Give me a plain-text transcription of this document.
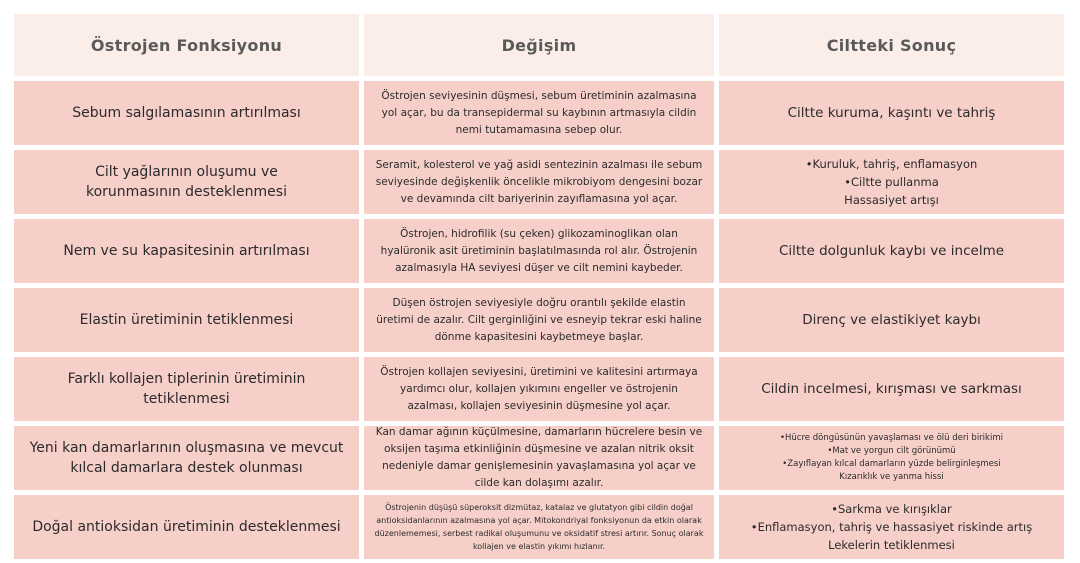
Östrojen Fonksiyonu	Değişim	Ciltteki Sonuç
Sebum salgılamasının artırılması
Östrojen seviyesinin düşmesi, sebum üretiminin azalmasına yol açar, bu da transepidermal su kaybının artmasıyla cildin nemi tutamamasına sebep olur.
Ciltte kuruma, kaşıntı ve tahriş
Cilt yağlarının oluşumu ve
korunmasının desteklenmesi
Seramit, kolesterol ve yağ asidi sentezinin azalması ile sebum seviyesinde değişkenlik öncelikle mikrobiyom dengesini bozar ve devamında cilt bariyerinin zayıflamasına yol açar.
•Kuruluk, tahriş, enflamasyon
•Ciltte pullanma
Hassasiyet artışı
Nem ve su kapasitesinin artırılması
Östrojen, hidrofilik (su çeken) glikozaminoglikan olan hyalüronik asit üretiminin başlatılmasında rol alır. Östrojenin azalmasıyla HA seviyesi düşer ve cilt nemini kaybeder.
Ciltte dolgunluk kaybı ve incelme
Elastin üretiminin tetiklenmesi
Düşen östrojen seviyesiyle doğru orantılı şekilde elastin üretimi de azalır. Cilt gerginliğini ve esneyip tekrar eski haline dönme kapasitesini kaybetmeye başlar.
Direnç ve elastikiyet kaybı
Farklı kollajen tiplerinin üretiminin tetiklenmesi
Östrojen kollajen seviyesini, üretimini ve kalitesini artırmaya yardımcı olur, kollajen yıkımını engeller ve östrojenin azalması, kollajen seviyesinin düşmesine yol açar.
Cildin incelmesi, kırışması ve sarkması
Yeni kan damarlarının oluşmasına ve mevcut
kılcal damarlara destek olunması
Kan damar ağının küçülmesine, damarların hücrelere besin ve oksijen taşıma etkinliğinin düşmesine ve azalan nitrik oksit nedeniyle damar genişlemesinin yavaşlamasına yol açar ve cilde kan dolaşımı azalır.
•Hücre döngüsünün yavaşlaması ve ölü deri birikimi
•Mat ve yorgun cilt görünümü
•Zayıflayan kılcal damarların yüzde belirginleşmesi
Kızarıklık ve yanma hissi
Doğal antioksidan üretiminin desteklenmesi
Östrojenin düşüşü süperoksit dizmütaz, katalaz ve glutatyon gibi cildin doğal antioksidanlarının azalmasına yol açar. Mitokondriyal fonksiyonun da etkin olarak düzenlememesi, serbest radikal oluşumunu ve oksidatif stresi artırır. Sonuç olarak kollajen ve elastin yıkımı hızlanır.
•Sarkma ve kırışıklar
•Enflamasyon, tahriş ve hassasiyet riskinde artış
Lekelerin tetiklenmesi
